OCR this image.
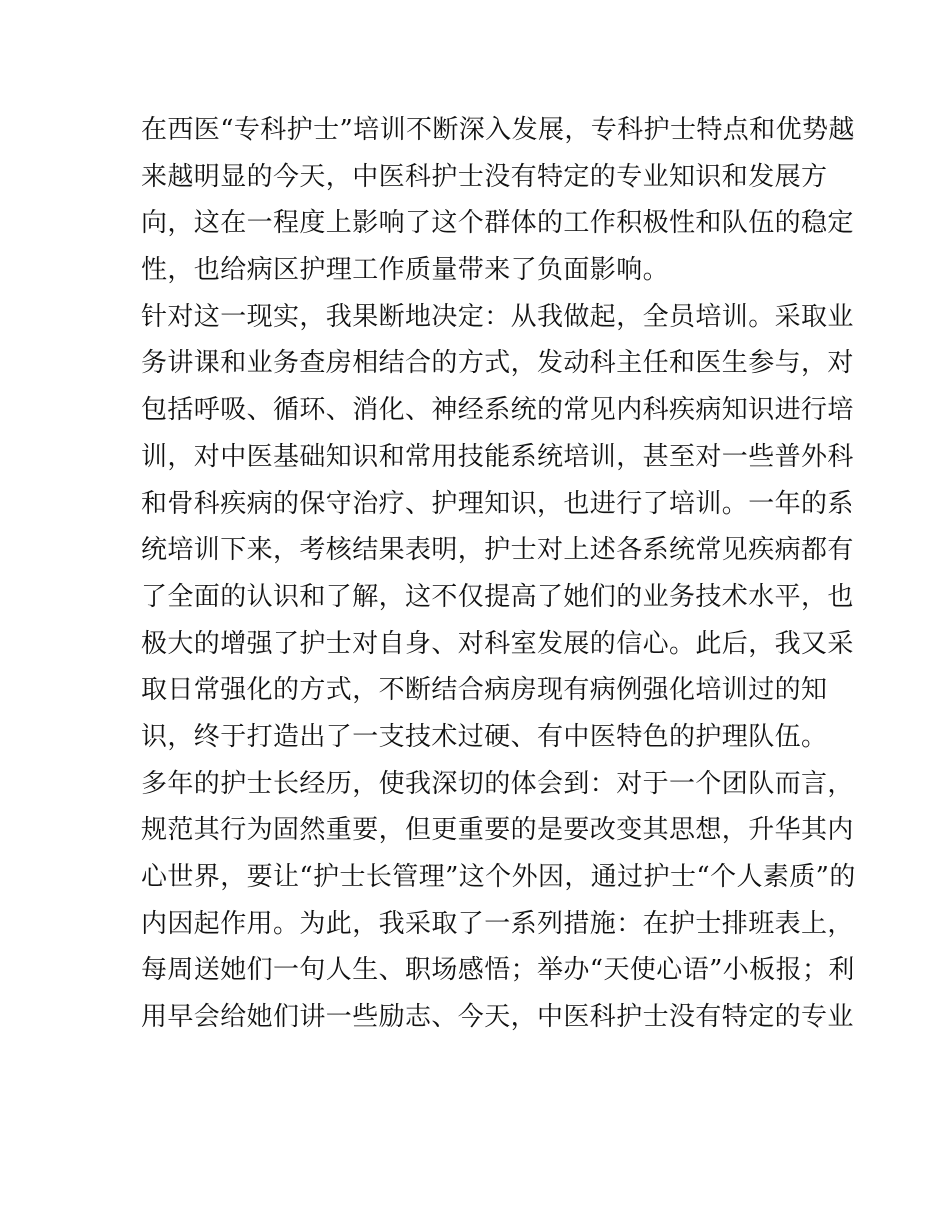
在西医“专科护士”培训不断深入发展，专科护士特点和优势越
来越明显的今天，中医科护士没有特定的专业知识和发展方
向，这在一程度上影响了这个群体的工作积极性和队伍的稳定
性，也给病区护理工作质量带来了负面影响。
针对这一现实，我果断地决定：从我做起，全员培训。采取业
务讲课和业务查房相结合的方式，发动科主任和医生参与，对
包括呼吸、循环、消化、神经系统的常见内科疾病知识进行培
训，对中医基础知识和常用技能系统培训，甚至对一些普外科
和骨科疾病的保守治疗、护理知识，也进行了培训。一年的系
统培训下来，考核结果表明，护士对上述各系统常见疾病都有
了全面的认识和了解，这不仅提高了她们的业务技术水平，也
极大的增强了护士对自身、对科室发展的信心。此后，我又采
取日常强化的方式，不断结合病房现有病例强化培训过的知
识，终于打造出了一支技术过硬、有中医特色的护理队伍。
多年的护士长经历，使我深切的体会到：对于一个团队而言，
规范其行为固然重要，但更重要的是要改变其思想，升华其内
心世界，要让“护士长管理”这个外因，通过护士“个人素质”的
内因起作用。为此，我采取了一系列措施：在护士排班表上，
每周送她们一句人生、职场感悟；举办“天使心语”小板报；利
用早会给她们讲一些励志、今天，中医科护士没有特定的专业
